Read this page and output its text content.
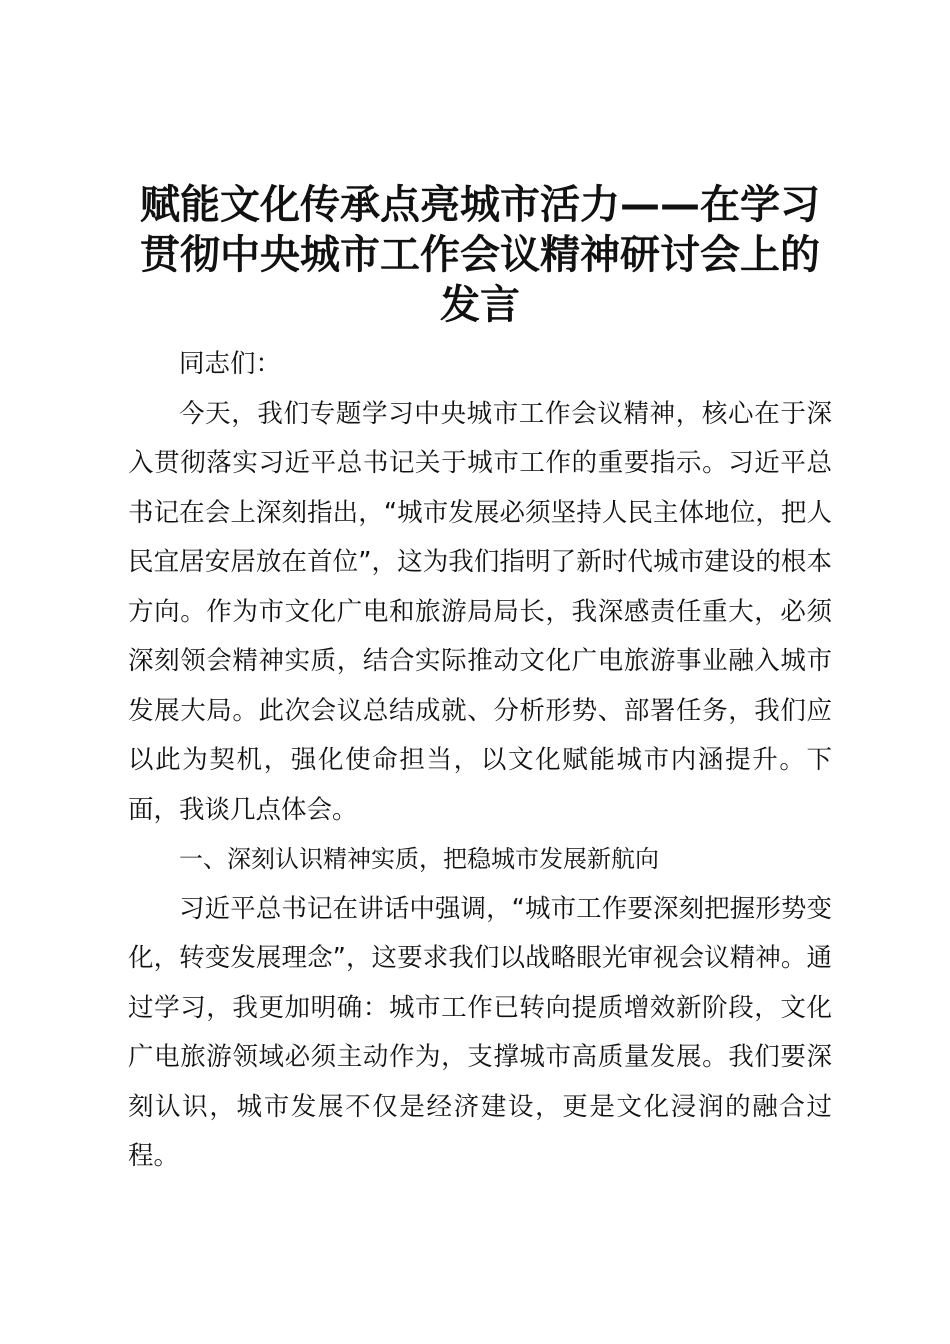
赋能文化传承点亮城市活力——在学习
贯彻中央城市工作会议精神研讨会上的
发言

同志们：

今天，我们专题学习中央城市工作会议精神，核心在于深入贯彻落实习近平总书记关于城市工作的重要指示。习近平总书记在会上深刻指出，“城市发展必须坚持人民主体地位，把人民宜居安居放在首位”，这为我们指明了新时代城市建设的根本方向。作为市文化广电和旅游局局长，我深感责任重大，必须深刻领会精神实质，结合实际推动文化广电旅游事业融入城市发展大局。此次会议总结成就、分析形势、部署任务，我们应以此为契机，强化使命担当，以文化赋能城市内涵提升。下面，我谈几点体会。

一、深刻认识精神实质，把稳城市发展新航向

习近平总书记在讲话中强调，“城市工作要深刻把握形势变化，转变发展理念”，这要求我们以战略眼光审视会议精神。通过学习，我更加明确：城市工作已转向提质增效新阶段，文化广电旅游领域必须主动作为，支撑城市高质量发展。我们要深刻认识，城市发展不仅是经济建设，更是文化浸润的融合过程。
